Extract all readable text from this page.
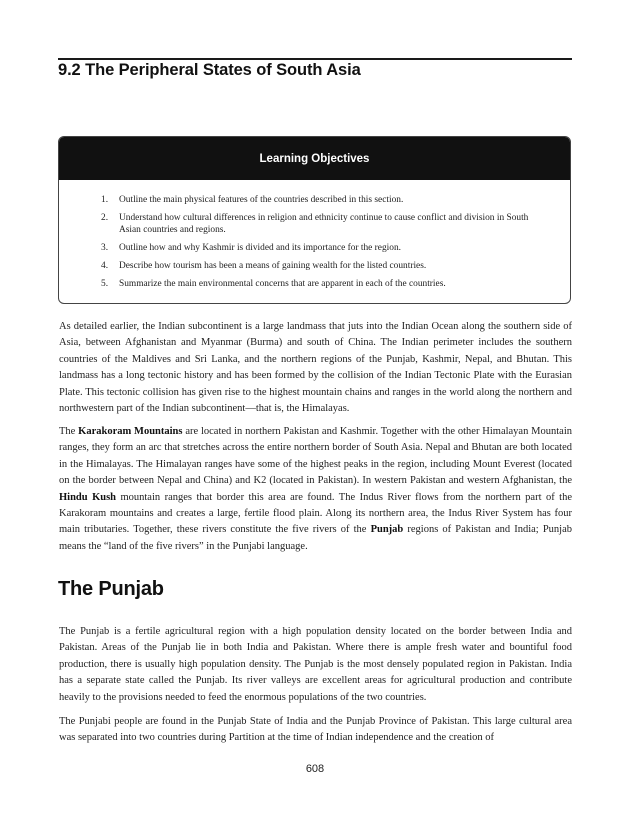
9.2 The Peripheral States of South Asia
Learning Objectives
1. Outline the main physical features of the countries described in this section.
2. Understand how cultural differences in religion and ethnicity continue to cause conflict and division in South Asian countries and regions.
3. Outline how and why Kashmir is divided and its importance for the region.
4. Describe how tourism has been a means of gaining wealth for the listed countries.
5. Summarize the main environmental concerns that are apparent in each of the countries.

As detailed earlier, the Indian subcontinent is a large landmass that juts into the Indian Ocean along the southern side of Asia, between Afghanistan and Myanmar (Burma) and south of China. The Indian perimeter includes the southern countries of the Maldives and Sri Lanka, and the northern regions of the Punjab, Kashmir, Nepal, and Bhutan. This landmass has a long tectonic history and has been formed by the collision of the Indian Tectonic Plate with the Eurasian Plate. This tectonic collision has given rise to the highest mountain chains and ranges in the world along the northern and northwestern part of the Indian subcontinent—that is, the Himalayas.

The Karakoram Mountains are located in northern Pakistan and Kashmir. Together with the other Himalayan Mountain ranges, they form an arc that stretches across the entire northern border of South Asia. Nepal and Bhutan are both located in the Himalayas. The Himalayan ranges have some of the highest peaks in the region, including Mount Everest (located on the border between Nepal and China) and K2 (located in Pakistan). In western Pakistan and western Afghanistan, the Hindu Kush mountain ranges that border this area are found. The Indus River flows from the northern part of the Karakoram mountains and creates a large, fertile flood plain. Along its northern area, the Indus River System has four main tributaries. Together, these rivers constitute the five rivers of the Punjab regions of Pakistan and India; Punjab means the “land of the five rivers” in the Punjabi language.

The Punjab

The Punjab is a fertile agricultural region with a high population density located on the border between India and Pakistan. Areas of the Punjab lie in both India and Pakistan. Where there is ample fresh water and bountiful food production, there is usually high population density. The Punjab is the most densely populated region in Pakistan. India has a separate state called the Punjab. Its river valleys are excellent areas for agricultural production and contribute heavily to the provisions needed to feed the enormous populations of the two countries.

The Punjabi people are found in the Punjab State of India and the Punjab Province of Pakistan. This large cultural area was separated into two countries during Partition at the time of Indian independence and the creation of

608
